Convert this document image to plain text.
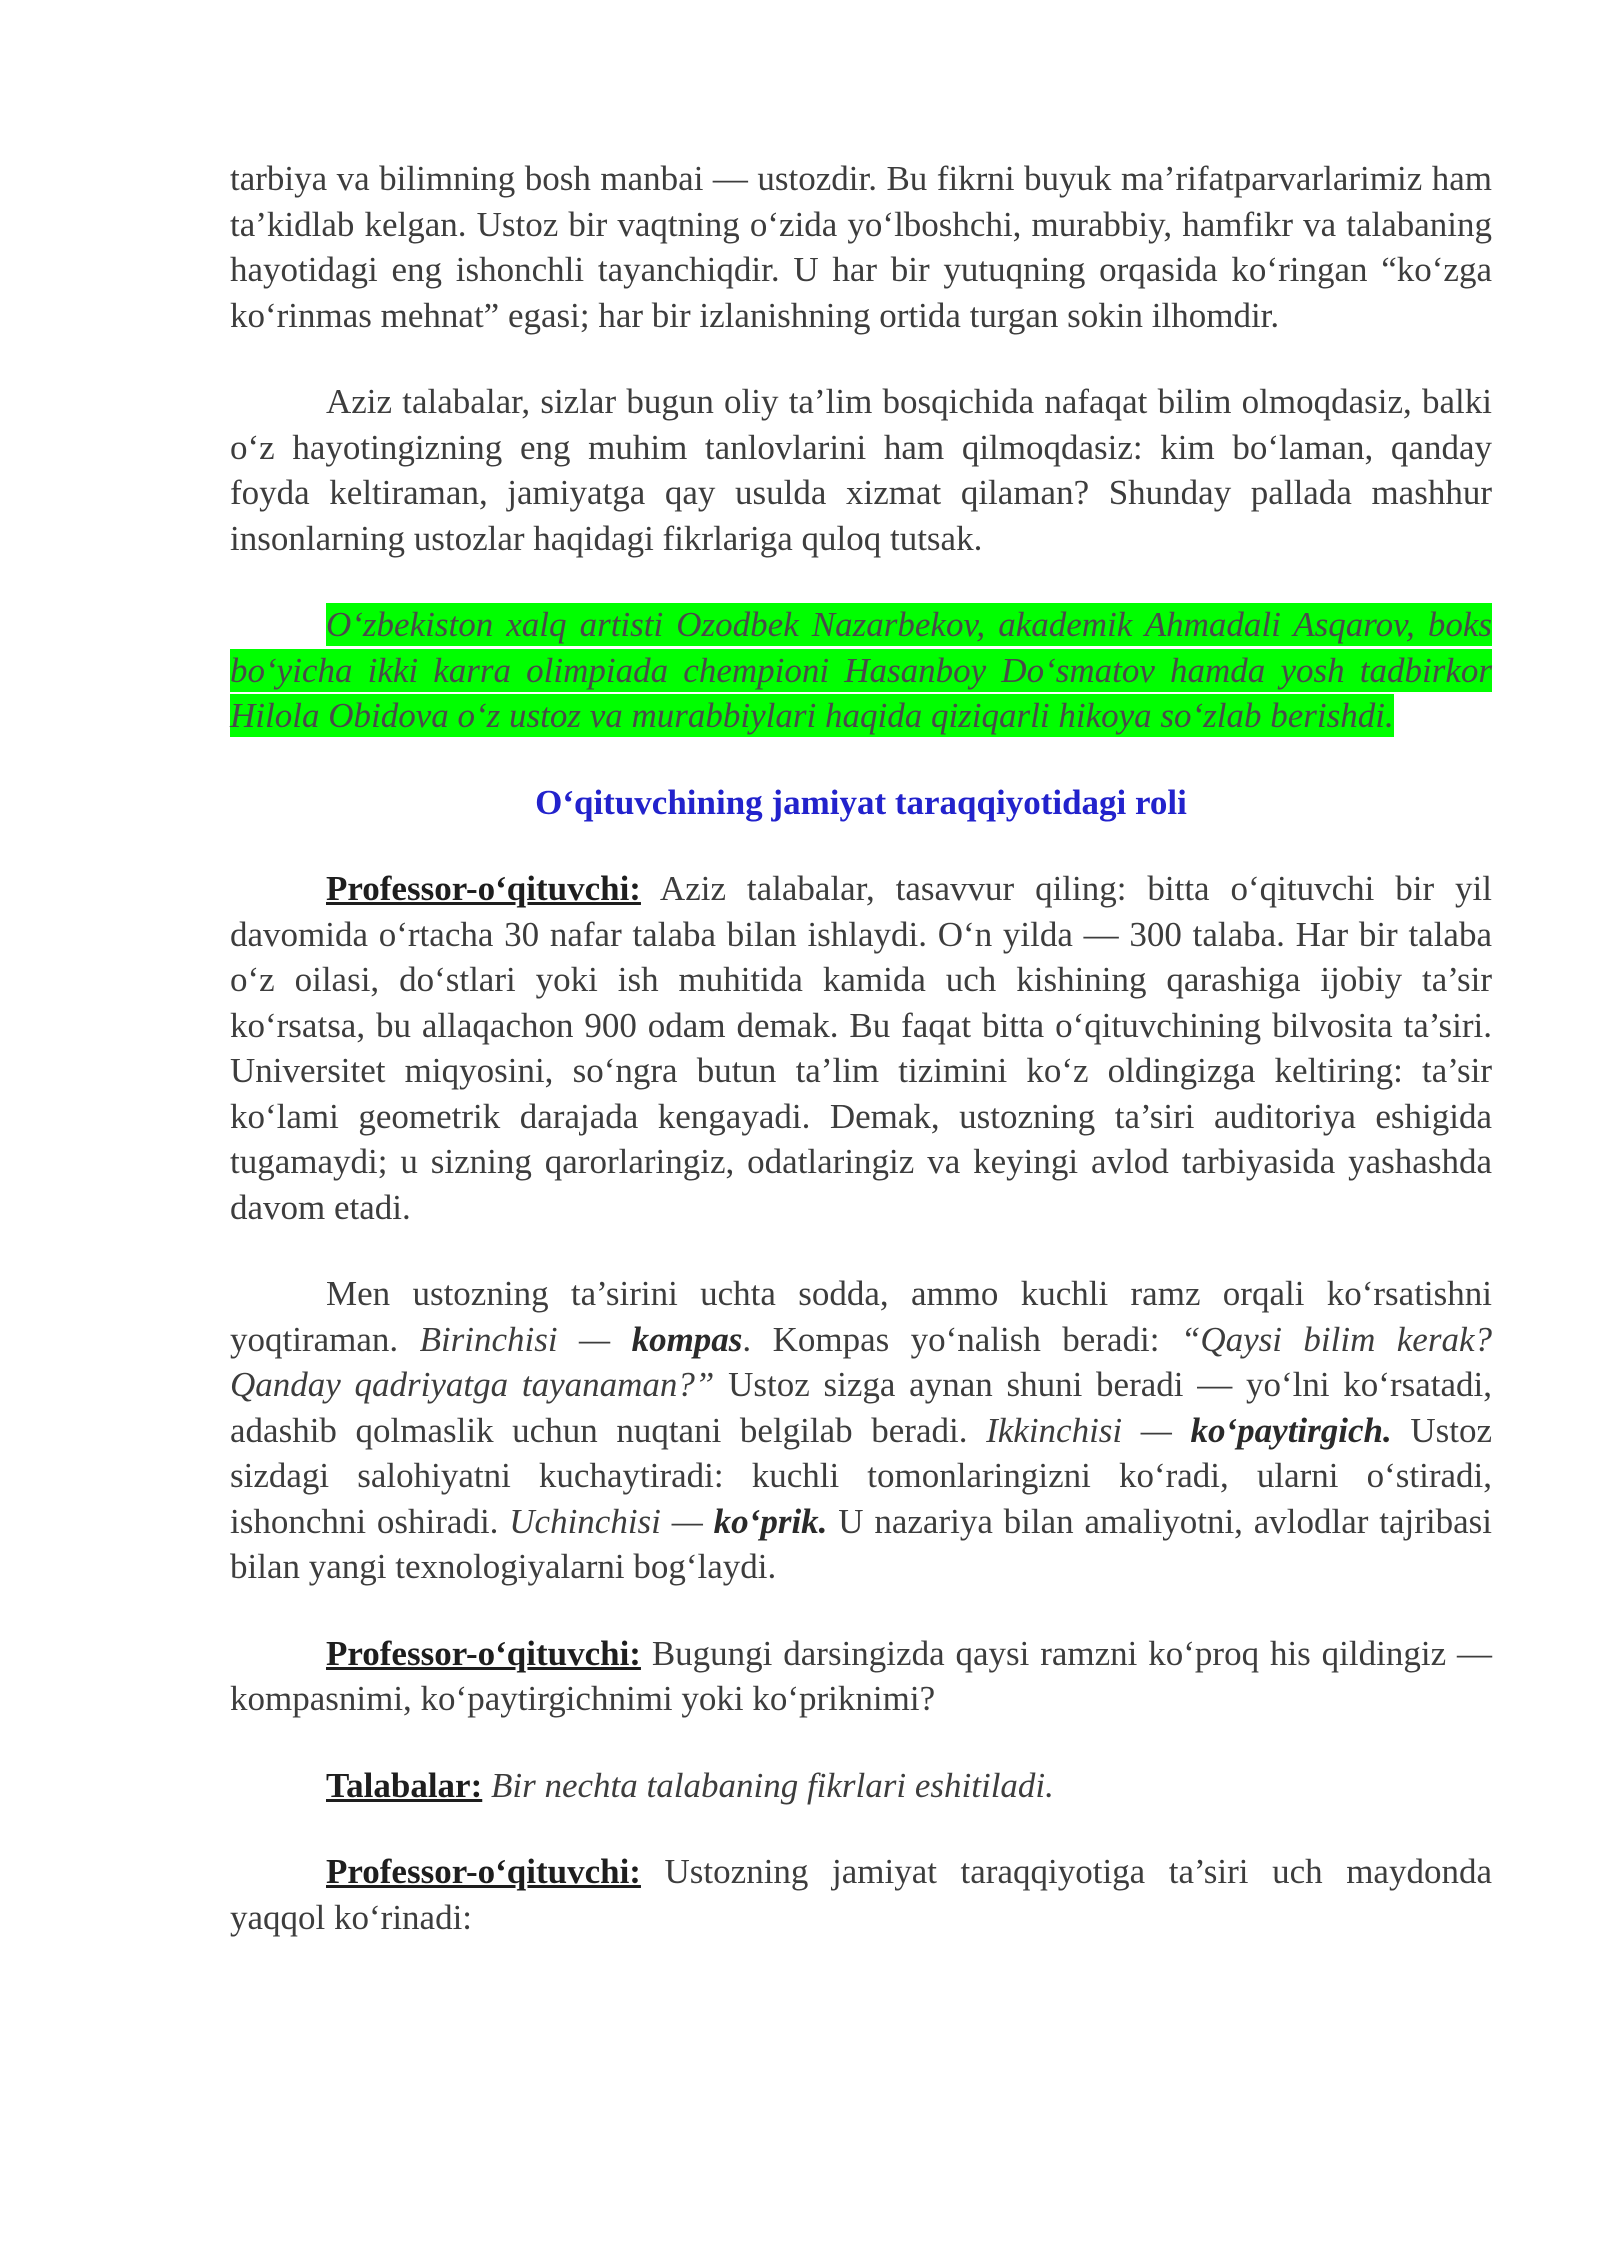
tarbiya va bilimning bosh manbai — ustozdir. Bu fikrni buyuk ma’rifatparvarlarimiz ham ta’kidlab kelgan. Ustoz bir vaqtning o‘zida yo‘lboshchi, murabbiy, hamfikr va talabaning hayotidagi eng ishonchli tayanchiqdir. U har bir yutuqning orqasida ko‘ringan “ko‘zga ko‘rinmas mehnat” egasi; har bir izlanishning ortida turgan sokin ilhomdir.

Aziz talabalar, sizlar bugun oliy ta’lim bosqichida nafaqat bilim olmoqdasiz, balki o‘z hayotingizning eng muhim tanlovlarini ham qilmoqdasiz: kim bo‘laman, qanday foyda keltiraman, jamiyatga qay usulda xizmat qilaman? Shunday pallada mashhur insonlarning ustozlar haqidagi fikrlariga quloq tutsak.

O‘zbekiston xalq artisti Ozodbek Nazarbekov, akademik Ahmadali Asqarov, boks bo‘yicha ikki karra olimpiada chempioni Hasanboy Do‘smatov hamda yosh tadbirkor Hilola Obidova o‘z ustoz va murabbiylari haqida qiziqarli hikoya so‘zlab berishdi.

O‘qituvchining jamiyat taraqqiyotidagi roli

Professor-o‘qituvchi: Aziz talabalar, tasavvur qiling: bitta o‘qituvchi bir yil davomida o‘rtacha 30 nafar talaba bilan ishlaydi. O‘n yilda — 300 talaba. Har bir talaba o‘z oilasi, do‘stlari yoki ish muhitida kamida uch kishining qarashiga ijobiy ta’sir ko‘rsatsa, bu allaqachon 900 odam demak. Bu faqat bitta o‘qituvchining bilvosita ta’siri. Universitet miqyosini, so‘ngra butun ta’lim tizimini ko‘z oldingizga keltiring: ta’sir ko‘lami geometrik darajada kengayadi. Demak, ustozning ta’siri auditoriya eshigida tugamaydi; u sizning qarorlaringiz, odatlaringiz va keyingi avlod tarbiyasida yashashda davom etadi.

Men ustozning ta’sirini uchta sodda, ammo kuchli ramz orqali ko‘rsatishni yoqtiraman. Birinchisi — kompas. Kompas yo‘nalish beradi: “Qaysi bilim kerak? Qanday qadriyatga tayanaman?” Ustoz sizga aynan shuni beradi — yo‘lni ko‘rsatadi, adashib qolmaslik uchun nuqtani belgilab beradi. Ikkinchisi — ko‘paytirgich. Ustoz sizdagi salohiyatni kuchaytiradi: kuchli tomonlaringizni ko‘radi, ularni o‘stiradi, ishonchni oshiradi. Uchinchisi — ko‘prik. U nazariya bilan amaliyotni, avlodlar tajribasi bilan yangi texnologiyalarni bog‘laydi.

Professor-o‘qituvchi: Bugungi darsingizda qaysi ramzni ko‘proq his qildingiz — kompasnimi, ko‘paytirgichnimi yoki ko‘priknimi?

Talabalar: Bir nechta talabaning fikrlari eshitiladi.

Professor-o‘qituvchi: Ustozning jamiyat taraqqiyotiga ta’siri uch maydonda yaqqol ko‘rinadi:
